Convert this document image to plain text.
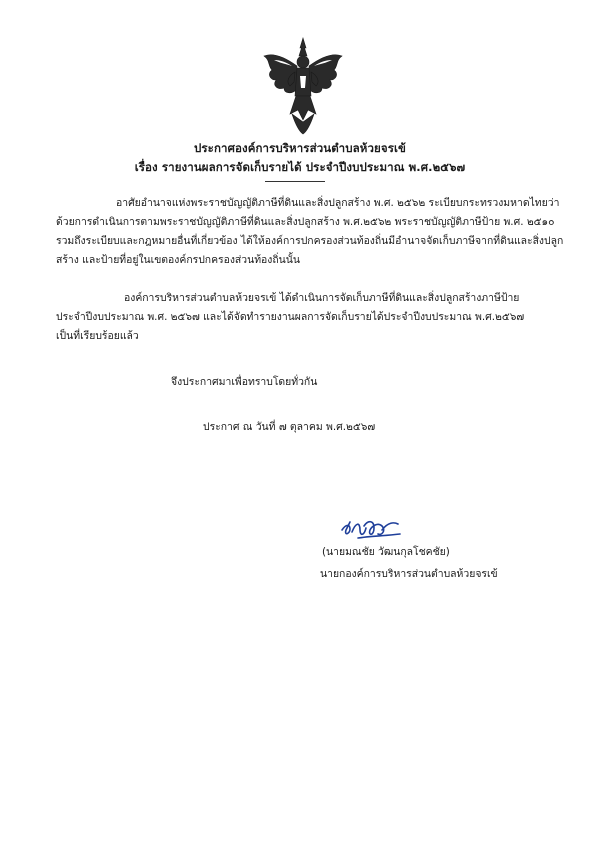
ประกาศองค์การบริหารส่วนตำบลห้วยจรเข้
เรื่อง รายงานผลการจัดเก็บรายได้ ประจำปีงบประมาณ พ.ศ.๒๕๖๗
อาศัยอำนาจแห่งพระราชบัญญัติภาษีที่ดินและสิ่งปลูกสร้าง พ.ศ. ๒๕๖๒ ระเบียบกระทรวงมหาดไทยว่า
ด้วยการดำเนินการตามพระราชบัญญัติภาษีที่ดินและสิ่งปลูกสร้าง พ.ศ.๒๕๖๒ พระราชบัญญัติภาษีป้าย พ.ศ. ๒๕๑๐
รวมถึงระเบียบและกฎหมายอื่นที่เกี่ยวข้อง ได้ให้องค์การปกครองส่วนท้องถิ่นมีอำนาจจัดเก็บภาษีจากที่ดินและสิ่งปลูก
สร้าง และป้ายที่อยู่ในเขตองค์กรปกครองส่วนท้องถิ่นนั้น
องค์การบริหารส่วนตำบลห้วยจรเข้ ได้ดำเนินการจัดเก็บภาษีที่ดินและสิ่งปลูกสร้างภาษีป้าย
ประจำปีงบประมาณ พ.ศ. ๒๕๖๗ และได้จัดทำรายงานผลการจัดเก็บรายได้ประจำปีงบประมาณ พ.ศ.๒๕๖๗
เป็นที่เรียบร้อยแล้ว
จึงประกาศมาเพื่อทราบโดยทั่วกัน
ประกาศ ณ วันที่ ๗ ตุลาคม พ.ศ.๒๕๖๗
(นายมณชัย วัฒนกุลโชคชัย)
นายกองค์การบริหารส่วนตำบลห้วยจรเข้
